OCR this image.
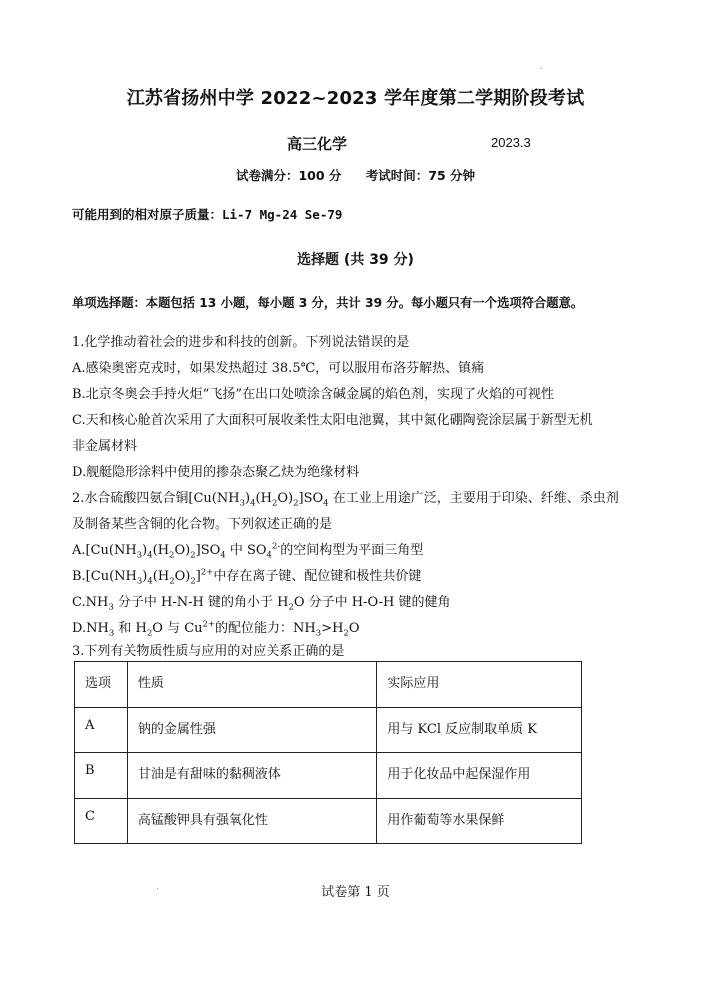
江苏省扬州中学 2022~2023 学年度第二学期阶段考试
高三化学	2023.3
试卷满分：100 分 考试时间：75 分钟
可能用到的相对原子质量：Li-7 Mg-24 Se-79
选择题 (共 39 分)
单项选择题：本题包括 13 小题，每小题 3 分，共计 39 分。每小题只有一个选项符合题意。
1.化学推动着社会的进步和科技的创新。下列说法错误的是
A.感染奥密克戎时，如果发热超过 38.5℃，可以服用布洛芬解热、镇痛
B.北京冬奥会手持火炬“飞扬”在出口处喷涂含碱金属的焰色剂，实现了火焰的可视性
C.天和核心舱首次采用了大面积可展收柔性太阳电池翼，其中氮化硼陶瓷涂层属于新型无机
非金属材料
D.舰艇隐形涂料中使用的掺杂态聚乙炔为绝缘材料
2.水合硫酸四氨合铜$[Cu(NH_3)_4(H_2O)_2]SO_4$ 在工业上用途广泛，主要用于印染、纤维、杀虫剂
及制备某些含铜的化合物。下列叙述正确的是
$A.[Cu(NH_3)_4(H_2O)_2]SO_4$ 中 $SO_4^{2-}$的空间构型为平面三角型
$B.[Cu(NH_3)_4(H_2O)_2]^{2+}$中存在离子键、配位键和极性共价键
$C.NH_3$ 分子中 H-N-H 键的角小于 $H_2O$ 分子中 H-O-H 键的健角
$D.NH_3$ 和 $H_2O$ 与 $Cu^{2+}$的配位能力：$NH_3>H_2O$
3.下列有关物质性质与应用的对应关系正确的是
选项	性质	实际应用
A	钠的金属性强	用与 KCl 反应制取单质 K
B	甘油是有甜味的黏稠液体	用于化妆品中起保湿作用
C	高锰酸钾具有强氧化性	用作葡萄等水果保鲜
试卷第 1 页
